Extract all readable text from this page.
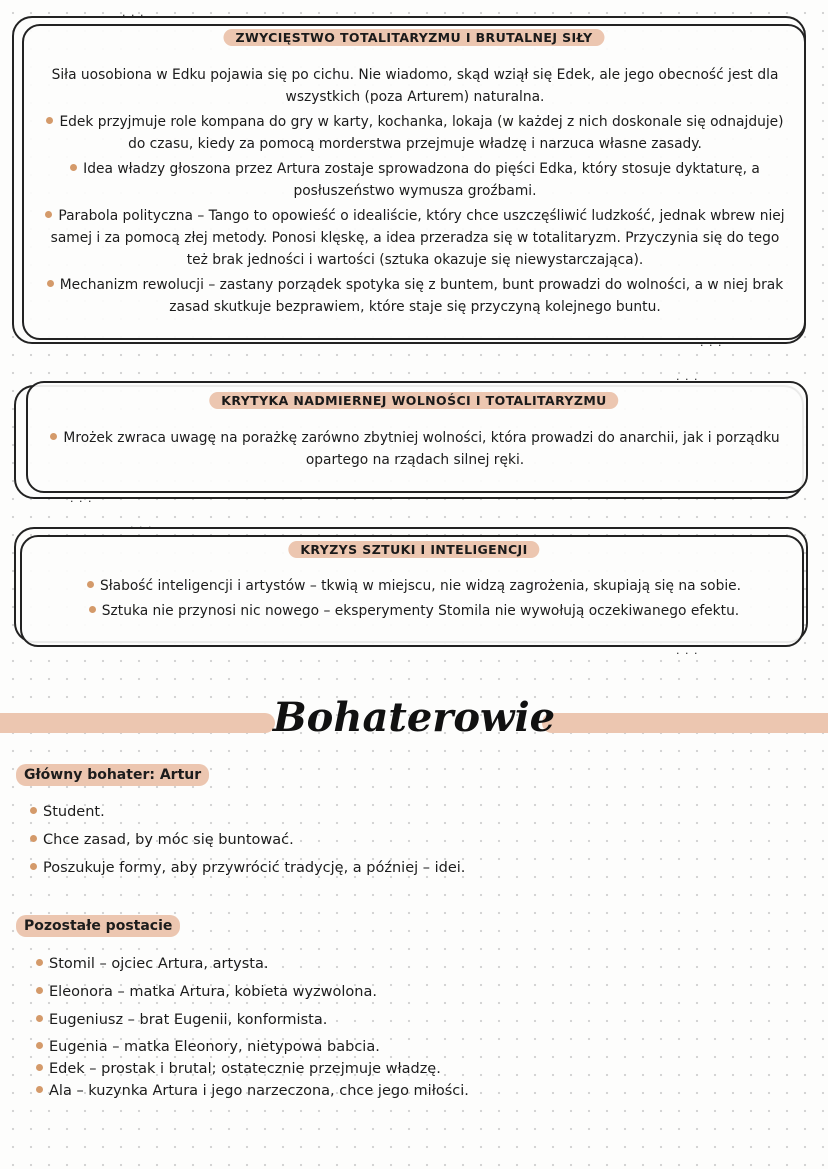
ZWYCIĘSTWO TOTALITARYZMU I BRUTALNEJ SIŁY

Siła uosobiona w Edku pojawia się po cichu. Nie wiadomo, skąd wziął się Edek, ale jego obecność jest dla wszystkich (poza Arturem) naturalna.

Edek przyjmuje role kompana do gry w karty, kochanka, lokaja (w każdej z nich doskonale się odnajduje) do czasu, kiedy za pomocą morderstwa przejmuje władzę i narzuca własne zasady.

Idea władzy głoszona przez Artura zostaje sprowadzona do pięści Edka, który stosuje dyktaturę, a posłuszeństwo wymusza groźbami.

Parabola polityczna – Tango to opowieść o idealiście, który chce uszczęśliwić ludzkość, jednak wbrew niej samej i za pomocą złej metody. Ponosi klęskę, a idea przeradza się w totalitaryzm. Przyczynia się do tego też brak jedności i wartości (sztuka okazuje się niewystarczająca).

Mechanizm rewolucji – zastany porządek spotyka się z buntem, bunt prowadzi do wolności, a w niej brak zasad skutkuje bezprawiem, które staje się przyczyną kolejnego buntu.

. . .
. . .
KRYTYKA NADMIERNEJ WOLNOŚCI I TOTALITARYZMU

Mrożek zwraca uwagę na porażkę zarówno zbytniej wolności, która prowadzi do anarchii, jak i porządku opartego na rządach silnej ręki.

. . .
. . .
KRYZYS SZTUKI I INTELIGENCJI

Słabość inteligencji i artystów – tkwią w miejscu, nie widzą zagrożenia, skupiają się na sobie.

Sztuka nie przynosi nic nowego – eksperymenty Stomila nie wywołują oczekiwanego efektu.

. . .
. . .
Bohaterowie
Główny bohater: Artur
Student.
Chce zasad, by móc się buntować.
Poszukuje formy, aby przywrócić tradycję, a później – idei.
Pozostałe postacie
Stomil – ojciec Artura, artysta.
Eleonora – matka Artura, kobieta wyzwolona.
Eugeniusz – brat Eugenii, konformista.
Eugenia – matka Eleonory, nietypowa babcia.
Edek – prostak i brutal; ostatecznie przejmuje władzę.
Ala – kuzynka Artura i jego narzeczona, chce jego miłości.
